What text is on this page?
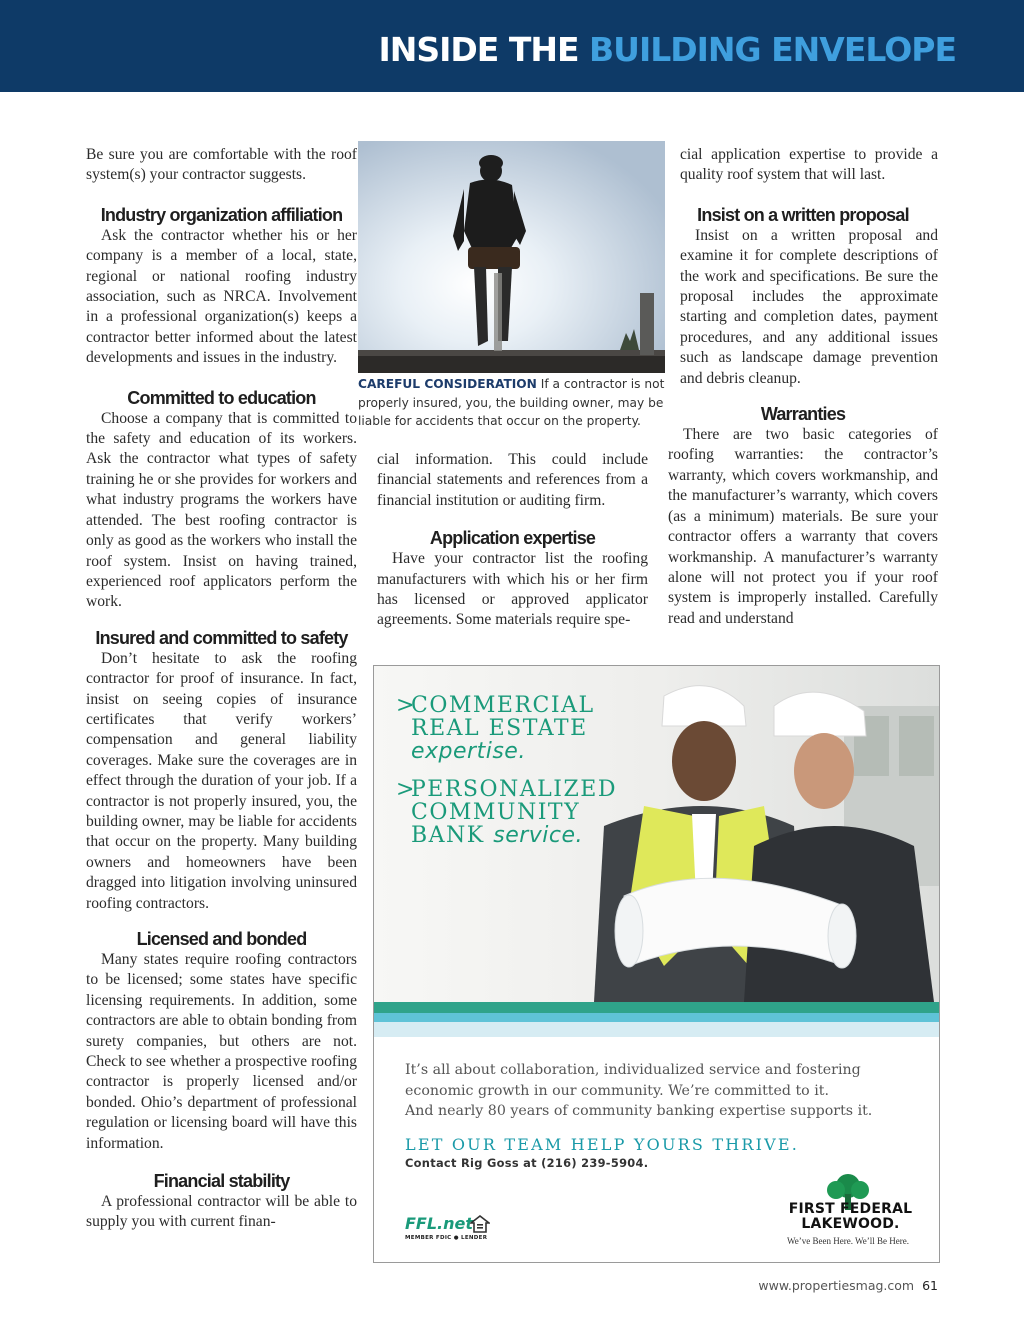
INSIDE THE BUILDING ENVELOPE

Be sure you are comfortable with the roof system(s) your contractor suggests.

Industry organization affiliation

Ask the contractor whether his or her company is a member of a local, state, regional or national roofing industry association, such as NRCA. Involvement in a professional organization(s) keeps a contractor better informed about the latest developments and issues in the industry.

Committed to education

Choose a company that is committed to the safety and education of its workers. Ask the contractor what types of safety training he or she provides for workers and what industry programs the workers have attended. The best roofing contractor is only as good as the workers who install the roof system. Insist on having trained, experienced roof applicators perform the work.

Insured and committed to safety

Don’t hesitate to ask the roofing contractor for proof of insurance. In fact, insist on seeing copies of insurance certificates that verify workers’ compensation and general liability coverages. Make sure the coverages are in effect through the duration of your job. If a contractor is not properly insured, you, the building owner, may be liable for accidents that occur on the property. Many building owners and homeowners have been dragged into litigation involving uninsured roofing contractors.

Licensed and bonded

Many states require roofing contractors to be licensed; some states have specific licensing requirements. In addition, some contractors are able to obtain bonding from surety companies, but others are not. Check to see whether a prospective roofing contractor is properly licensed and/or bonded. Ohio’s department of professional regulation or licensing board will have this information.

Financial stability

A professional contractor will be able to supply you with current finan-

CAREFUL CONSIDERATION If a contractor is not properly insured, you, the building owner, may be liable for accidents that occur on the property.

cial information. This could include financial statements and references from a financial institution or auditing firm.

Application expertise

Have your contractor list the roofing manufacturers with which his or her firm has licensed or approved applicator agreements. Some materials require spe-

cial application expertise to provide a quality roof system that will last.

Insist on a written proposal

Insist on a written proposal and examine it for complete descriptions of the work and specifications. Be sure the proposal includes the approximate starting and completion dates, payment procedures, and any additional issues such as landscape damage prevention and debris cleanup.

Warranties

There are two basic categories of roofing warranties: the contractor’s warranty, which covers workmanship, and the manufacturer’s warranty, which covers (as a minimum) materials. Be sure your contractor offers a warranty that covers workmanship. A manufacturer’s warranty alone will not protect you if your roof system is improperly installed. Carefully read and understand

>
COMMERCIAL
REAL ESTATE
expertise.
>
PERSONALIZED
COMMUNITY
BANK service.
It’s all about collaboration, individualized service and fostering economic growth in our community. We’re committed to it.
And nearly 80 years of community banking expertise supports it.
LET OUR TEAM HELP YOURS THRIVE.
Contact Rig Goss at (216) 239-5904.
FFL.net
MEMBER FDIC ● LENDER
FIRST FEDERAL
LAKEWOOD.
We’ve Been Here. We’ll Be Here.
www.propertiesmag.com 61
